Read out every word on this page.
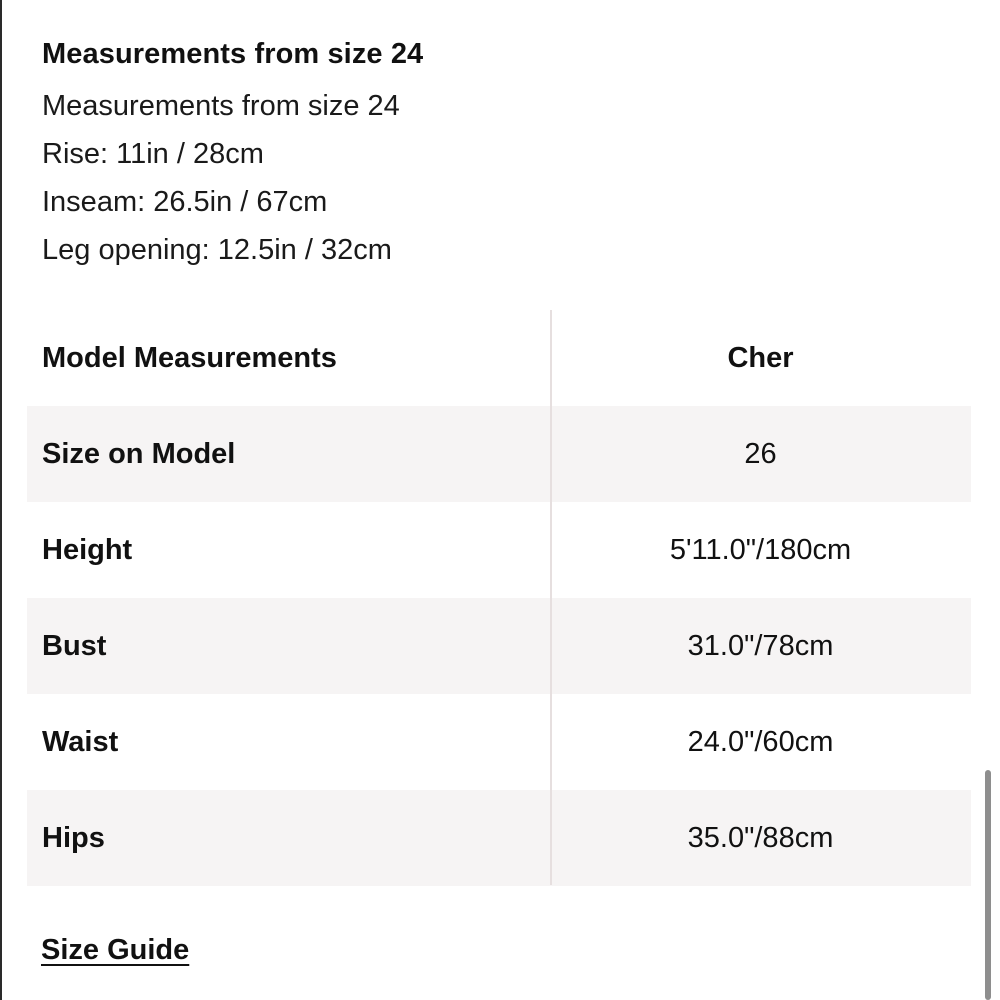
Measurements from size 24
Measurements from size 24
Rise: 11in / 28cm
Inseam: 26.5in / 67cm
Leg opening: 12.5in / 32cm
Model Measurements	Cher
Size on Model	26
Height	5'11.0"/180cm
Bust	31.0"/78cm
Waist	24.0"/60cm
Hips	35.0"/88cm
Size Guide
